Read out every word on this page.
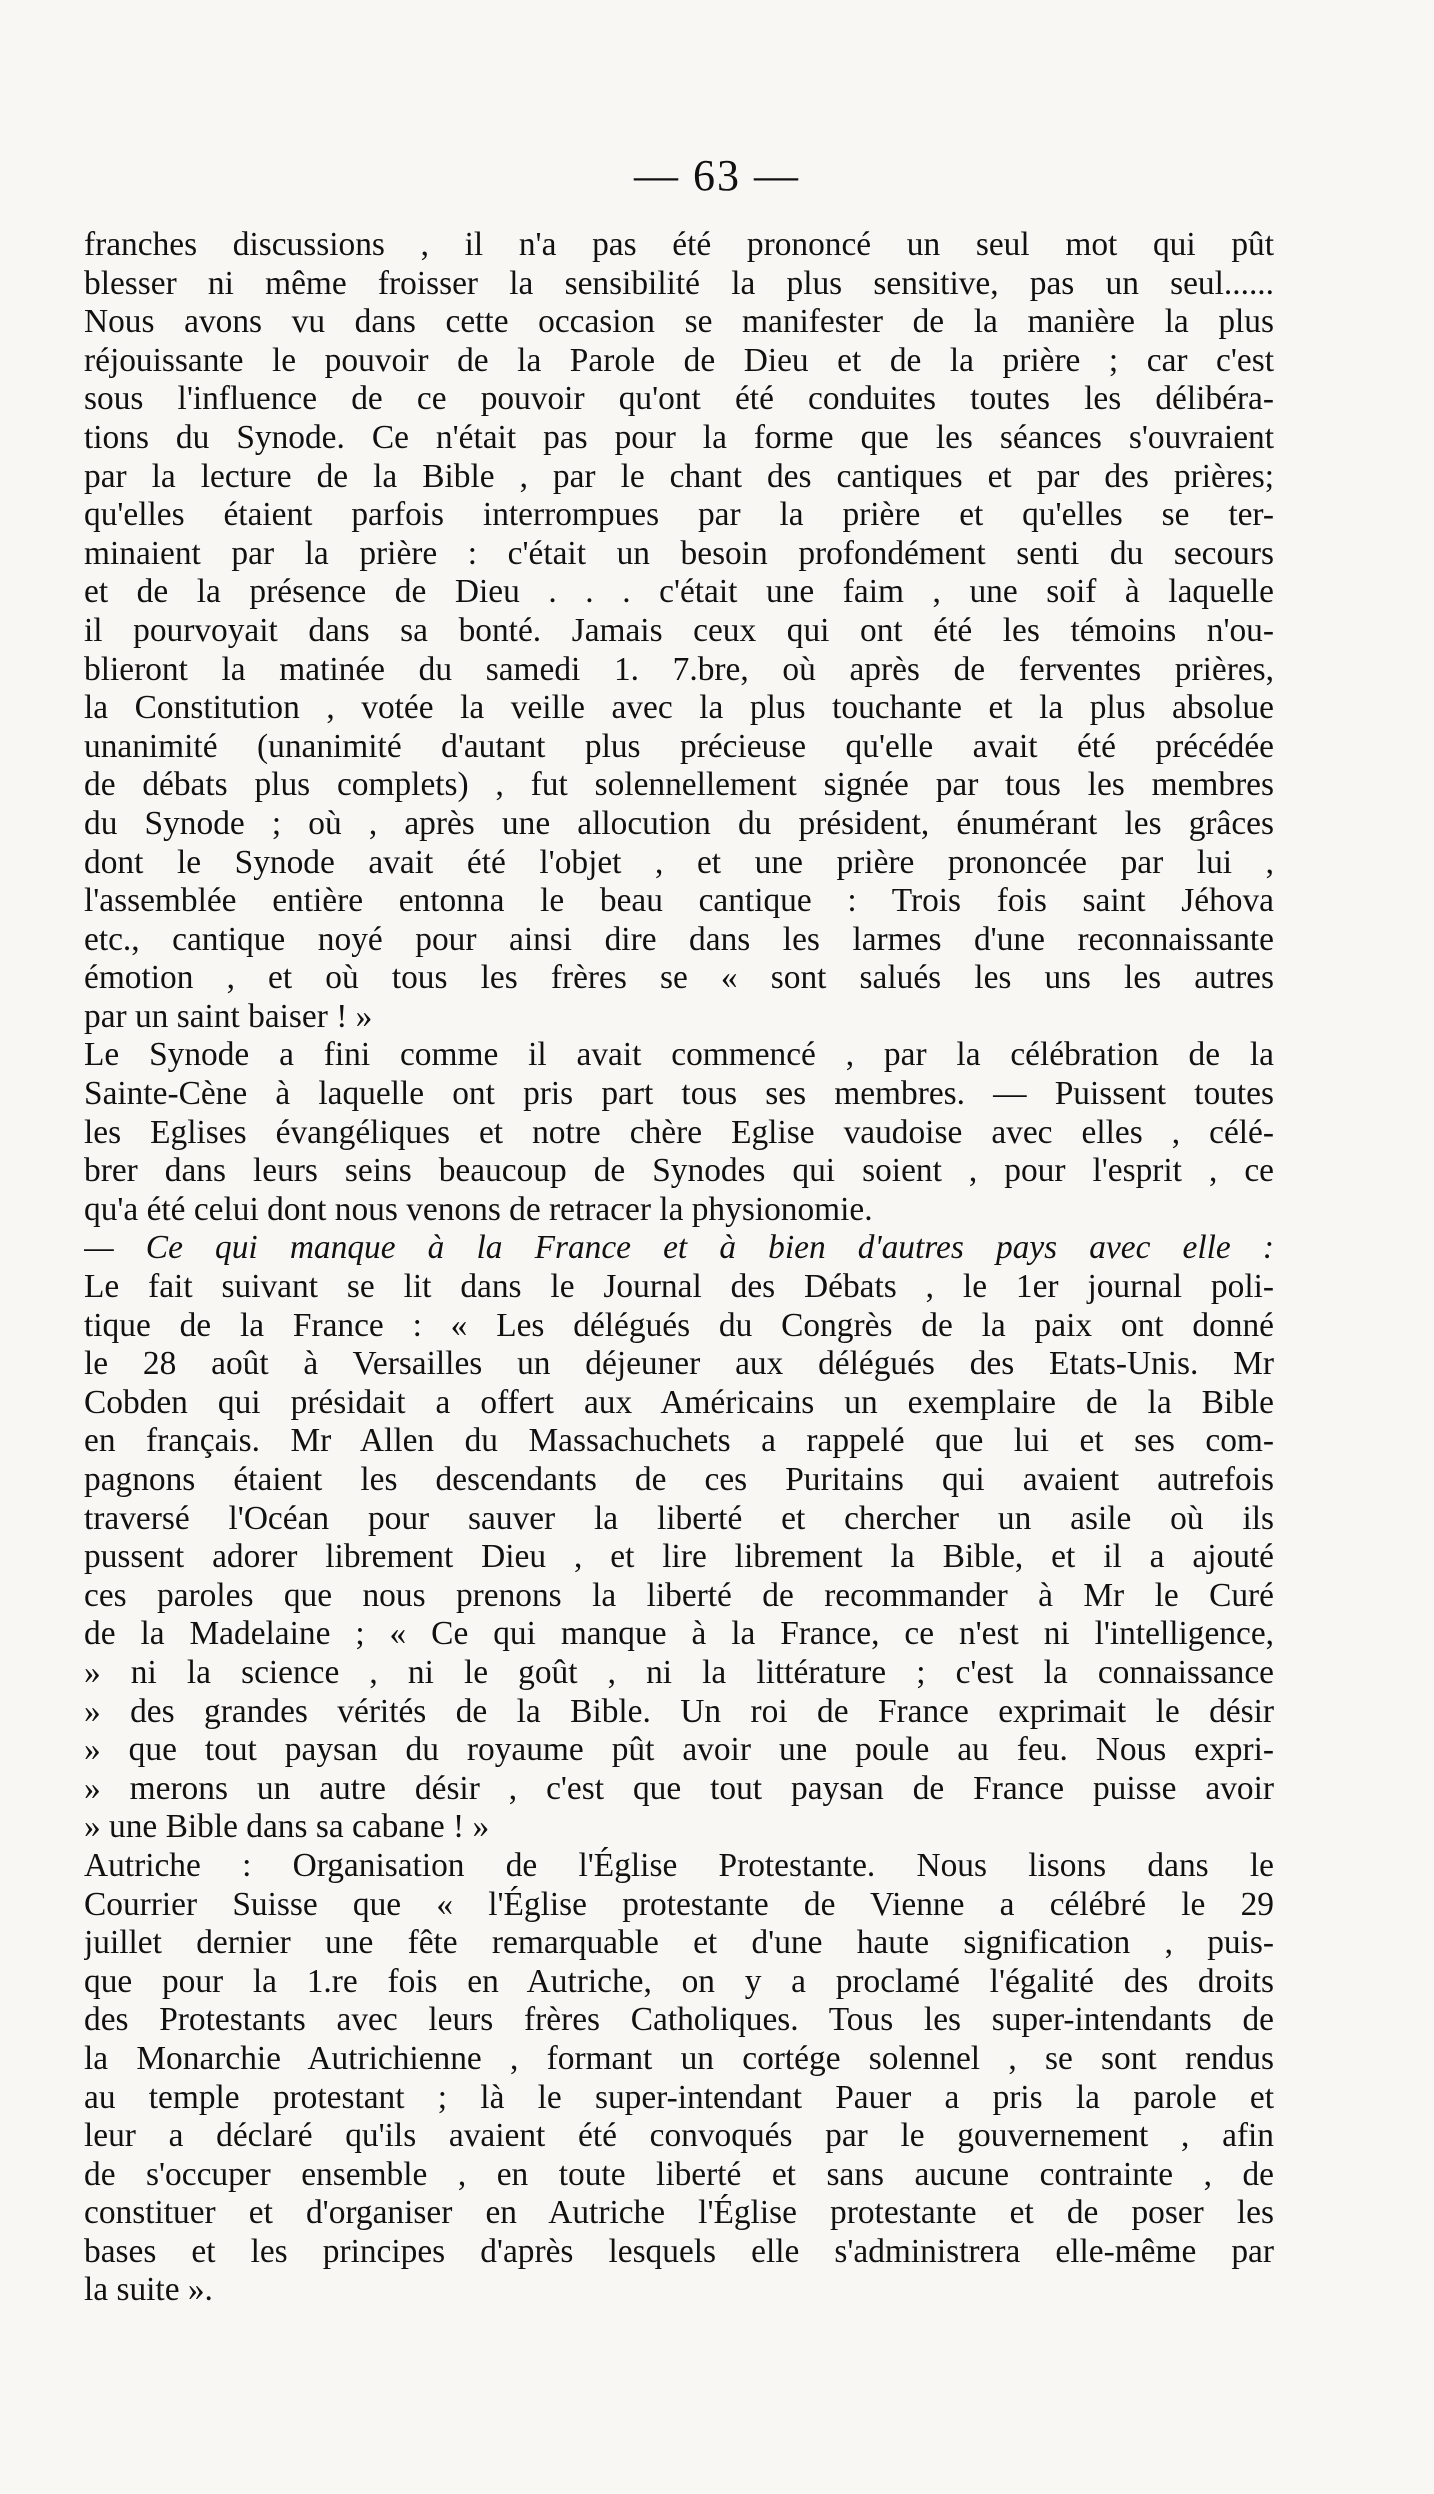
— 63 —
franches discussions , il n'a pas été prononcé un seul mot qui pût
blesser ni même froisser la sensibilité la plus sensitive, pas un seul......
Nous avons vu dans cette occasion se manifester de la manière la plus
réjouissante le pouvoir de la Parole de Dieu et de la prière ; car c'est
sous l'influence de ce pouvoir qu'ont été conduites toutes les délibéra-
tions du Synode. Ce n'était pas pour la forme que les séances s'ouvraient
par la lecture de la Bible , par le chant des cantiques et par des prières;
qu'elles étaient parfois interrompues par la prière et qu'elles se ter-
minaient par la prière : c'était un besoin profondément senti du secours
et de la présence de Dieu . . . c'était une faim , une soif à laquelle
il pourvoyait dans sa bonté. Jamais ceux qui ont été les témoins n'ou-
blieront la matinée du samedi 1. 7.bre, où après de ferventes prières,
la Constitution , votée la veille avec la plus touchante et la plus absolue
unanimité (unanimité d'autant plus précieuse qu'elle avait été précédée
de débats plus complets) , fut solennellement signée par tous les membres
du Synode ; où , après une allocution du président, énumérant les grâces
dont le Synode avait été l'objet , et une prière prononcée par lui ,
l'assemblée entière entonna le beau cantique : Trois fois saint Jéhova
etc., cantique noyé pour ainsi dire dans les larmes d'une reconnaissante
émotion , et où tous les frères se « sont salués les uns les autres
par un saint baiser ! »
Le Synode a fini comme il avait commencé , par la célébration de la
Sainte-Cène à laquelle ont pris part tous ses membres. — Puissent toutes
les Eglises évangéliques et notre chère Eglise vaudoise avec elles , célé-
brer dans leurs seins beaucoup de Synodes qui soient , pour l'esprit , ce
qu'a été celui dont nous venons de retracer la physionomie.
— Ce qui manque à la France et à bien d'autres pays avec elle :
Le fait suivant se lit dans le Journal des Débats , le 1er journal poli-
tique de la France : « Les délégués du Congrès de la paix ont donné
le 28 août à Versailles un déjeuner aux délégués des Etats-Unis. Mr
Cobden qui présidait a offert aux Américains un exemplaire de la Bible
en français. Mr Allen du Massachuchets a rappelé que lui et ses com-
pagnons étaient les descendants de ces Puritains qui avaient autrefois
traversé l'Océan pour sauver la liberté et chercher un asile où ils
pussent adorer librement Dieu , et lire librement la Bible, et il a ajouté
ces paroles que nous prenons la liberté de recommander à Mr le Curé
de la Madelaine ; « Ce qui manque à la France, ce n'est ni l'intelligence,
» ni la science , ni le goût , ni la littérature ; c'est la connaissance
» des grandes vérités de la Bible. Un roi de France exprimait le désir
» que tout paysan du royaume pût avoir une poule au feu. Nous expri-
» merons un autre désir , c'est que tout paysan de France puisse avoir
» une Bible dans sa cabane ! »
Autriche : Organisation de l'Église Protestante. Nous lisons dans le
Courrier Suisse que « l'Église protestante de Vienne a célébré le 29
juillet dernier une fête remarquable et d'une haute signification , puis-
que pour la 1.re fois en Autriche, on y a proclamé l'égalité des droits
des Protestants avec leurs frères Catholiques. Tous les super-intendants de
la Monarchie Autrichienne , formant un cortége solennel , se sont rendus
au temple protestant ; là le super-intendant Pauer a pris la parole et
leur a déclaré qu'ils avaient été convoqués par le gouvernement , afin
de s'occuper ensemble , en toute liberté et sans aucune contrainte , de
constituer et d'organiser en Autriche l'Église protestante et de poser les
bases et les principes d'après lesquels elle s'administrera elle-même par
la suite ».
